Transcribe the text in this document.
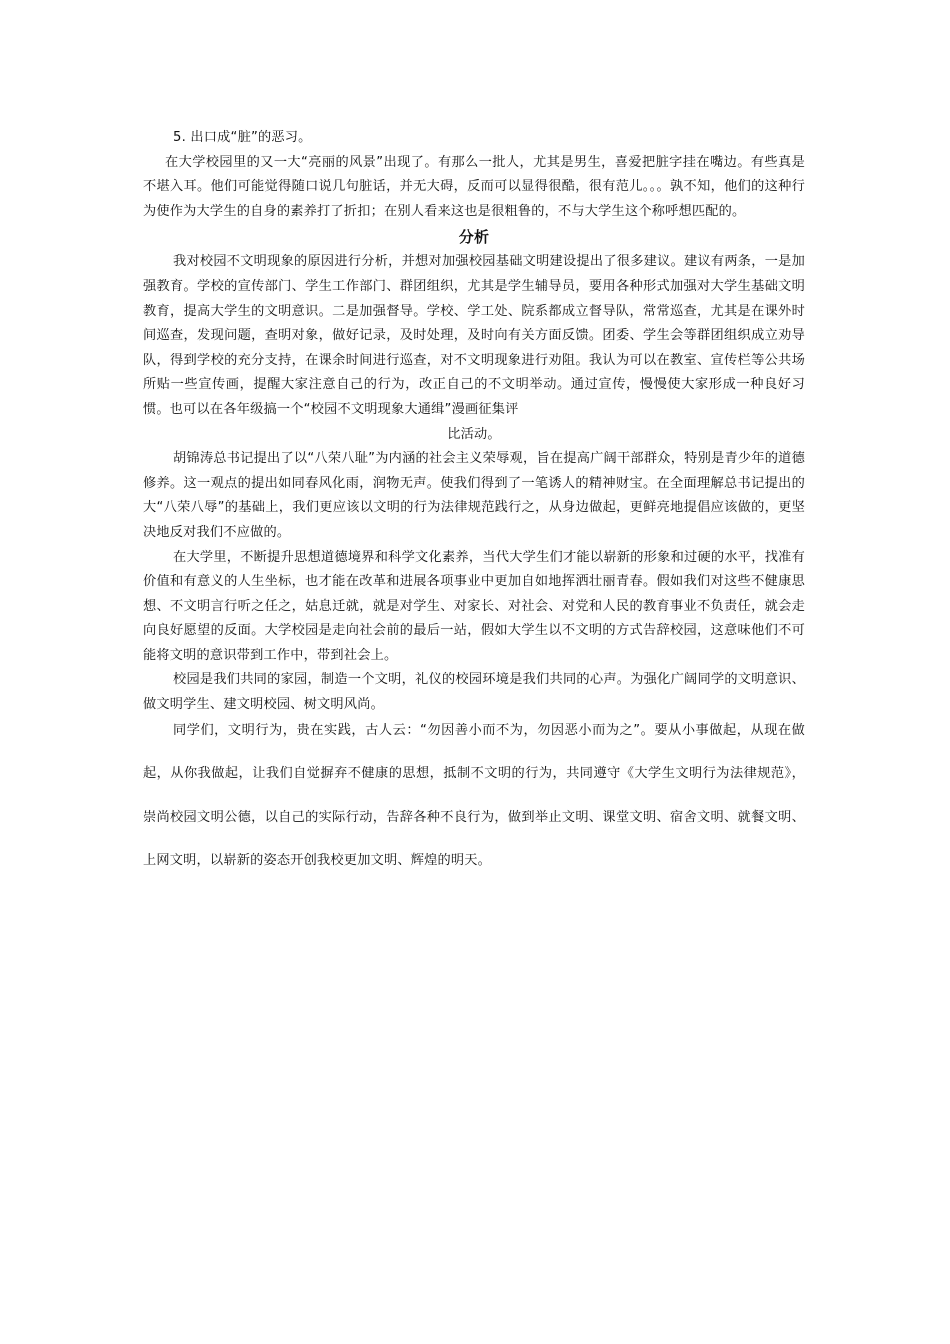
5. 出口成“脏”的恶习。

在大学校园里的又一大“亮丽的风景”出现了。有那么一批人，尤其是男生，喜爱把脏字挂在嘴边。有些真是不堪入耳。他们可能觉得随口说几句脏话，并无大碍，反而可以显得很酷，很有范儿。。。孰不知，他们的这种行为使作为大学生的自身的素养打了折扣；在别人看来这也是很粗鲁的，不与大学生这个称呼想匹配的。

分析

我对校园不文明现象的原因进行分析，并想对加强校园基础文明建设提出了很多建议。建议有两条，一是加强教育。学校的宣传部门、学生工作部门、群团组织，尤其是学生辅导员，要用各种形式加强对大学生基础文明教育，提高大学生的文明意识。二是加强督导。学校、学工处、院系都成立督导队，常常巡查，尤其是在课外时间巡查，发现问题，查明对象，做好记录，及时处理，及时向有关方面反馈。团委、学生会等群团组织成立劝导队，得到学校的充分支持，在课余时间进行巡查，对不文明现象进行劝阻。我认为可以在教室、宣传栏等公共场所贴一些宣传画，提醒大家注意自己的行为，改正自己的不文明举动。通过宣传，慢慢使大家形成一种良好习惯。也可以在各年级搞一个“校园不文明现象大通缉”漫画征集评

比活动。

胡锦涛总书记提出了以“八荣八耻”为内涵的社会主义荣辱观，旨在提高广阔干部群众，特别是青少年的道德修养。这一观点的提出如同春风化雨，润物无声。使我们得到了一笔诱人的精神财宝。在全面理解总书记提出的大“八荣八辱”的基础上，我们更应该以文明的行为法律规范践行之，从身边做起，更鲜亮地提倡应该做的，更坚决地反对我们不应做的。

在大学里，不断提升思想道德境界和科学文化素养，当代大学生们才能以崭新的形象和过硬的水平，找准有价值和有意义的人生坐标，也才能在改革和进展各项事业中更加自如地挥洒壮丽青春。假如我们对这些不健康思想、不文明言行听之任之，姑息迁就，就是对学生、对家长、对社会、对党和人民的教育事业不负责任，就会走向良好愿望的反面。大学校园是走向社会前的最后一站，假如大学生以不文明的方式告辞校园，这意味他们不可能将文明的意识带到工作中，带到社会上。

校园是我们共同的家园，制造一个文明，礼仪的校园环境是我们共同的心声。为强化广阔同学的文明意识、做文明学生、建文明校园、树文明风尚。

同学们，文明行为，贵在实践，古人云：“勿因善小而不为，勿因恶小而为之”。要从小事做起，从现在做起，从你我做起，让我们自觉摒弃不健康的思想，抵制不文明的行为，共同遵守《大学生文明行为法律规范》，崇尚校园文明公德，以自己的实际行动，告辞各种不良行为，做到举止文明、课堂文明、宿舍文明、就餐文明、上网文明，以崭新的姿态开创我校更加文明、辉煌的明天。
